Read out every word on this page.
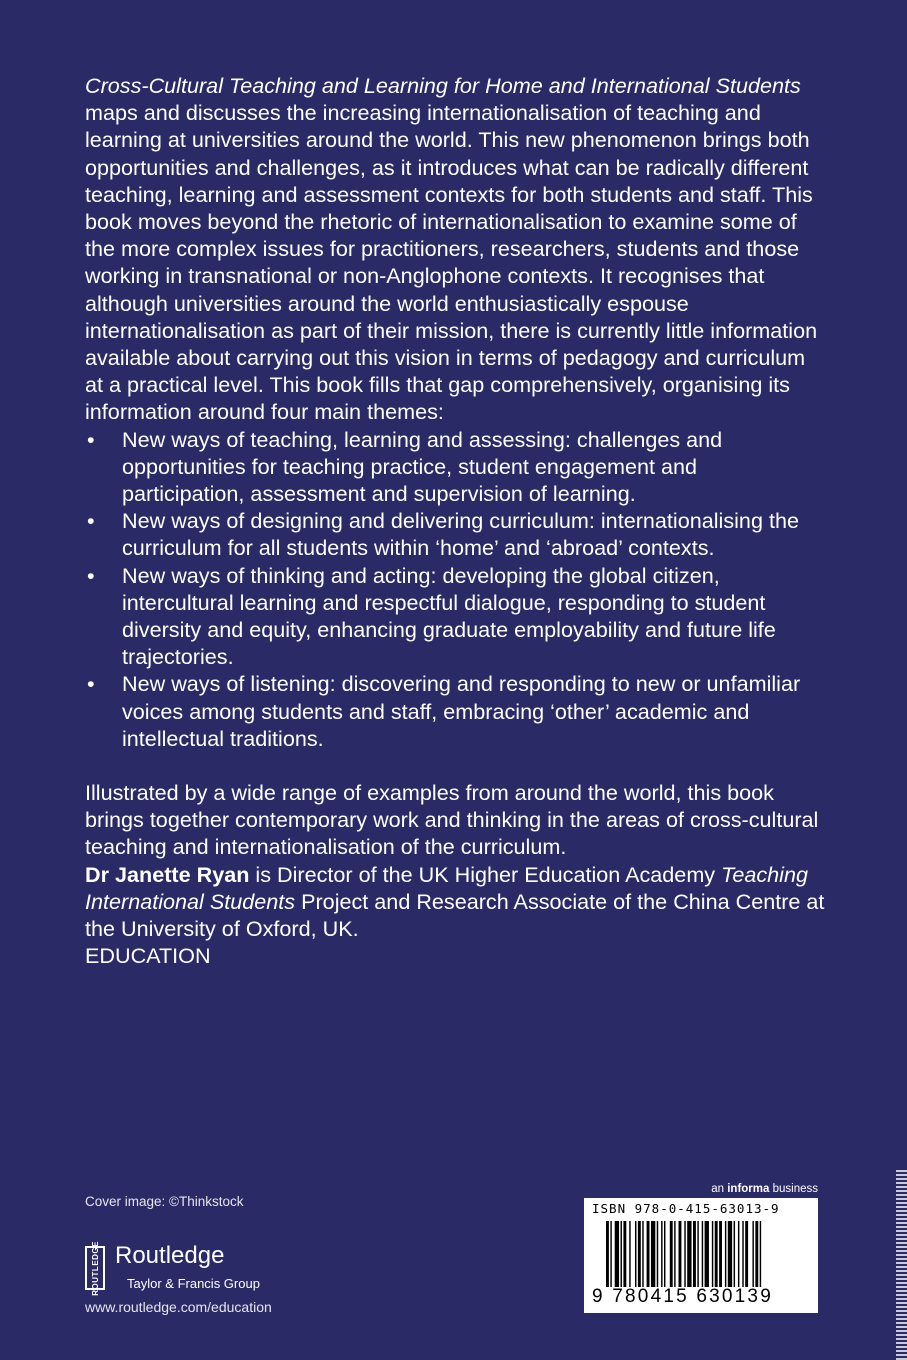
Cross-Cultural Teaching and Learning for Home and International Students maps and discusses the increasing internationalisation of teaching and learning at universities around the world. This new phenomenon brings both opportunities and challenges, as it introduces what can be radically different teaching, learning and assessment contexts for both students and staff. This book moves beyond the rhetoric of internationalisation to examine some of the more complex issues for practitioners, researchers, students and those working in transnational or non-Anglophone contexts. It recognises that although universities around the world enthusiastically espouse internationalisation as part of their mission, there is currently little information available about carrying out this vision in terms of pedagogy and curriculum at a practical level. This book fills that gap comprehensively, organising its information around four main themes:

• New ways of teaching, learning and assessing: challenges and opportunities for teaching practice, student engagement and participation, assessment and supervision of learning.
• New ways of designing and delivering curriculum: internationalising the curriculum for all students within ‘home’ and ‘abroad’ contexts.
• New ways of thinking and acting: developing the global citizen, intercultural learning and respectful dialogue, responding to student diversity and equity, enhancing graduate employability and future life trajectories.
• New ways of listening: discovering and responding to new or unfamiliar voices among students and staff, embracing ‘other’ academic and intellectual traditions.

Illustrated by a wide range of examples from around the world, this book brings together contemporary work and thinking in the areas of cross-cultural teaching and internationalisation of the curriculum.

Dr Janette Ryan is Director of the UK Higher Education Academy Teaching International Students Project and Research Associate of the China Centre at the University of Oxford, UK.

EDUCATION

Cover image: ©Thinkstock
ROUTLEDGE Routledge
Taylor & Francis Group
www.routledge.com/education
an informa business
ISBN 978-0-415-63013-9
9 780415 630139
